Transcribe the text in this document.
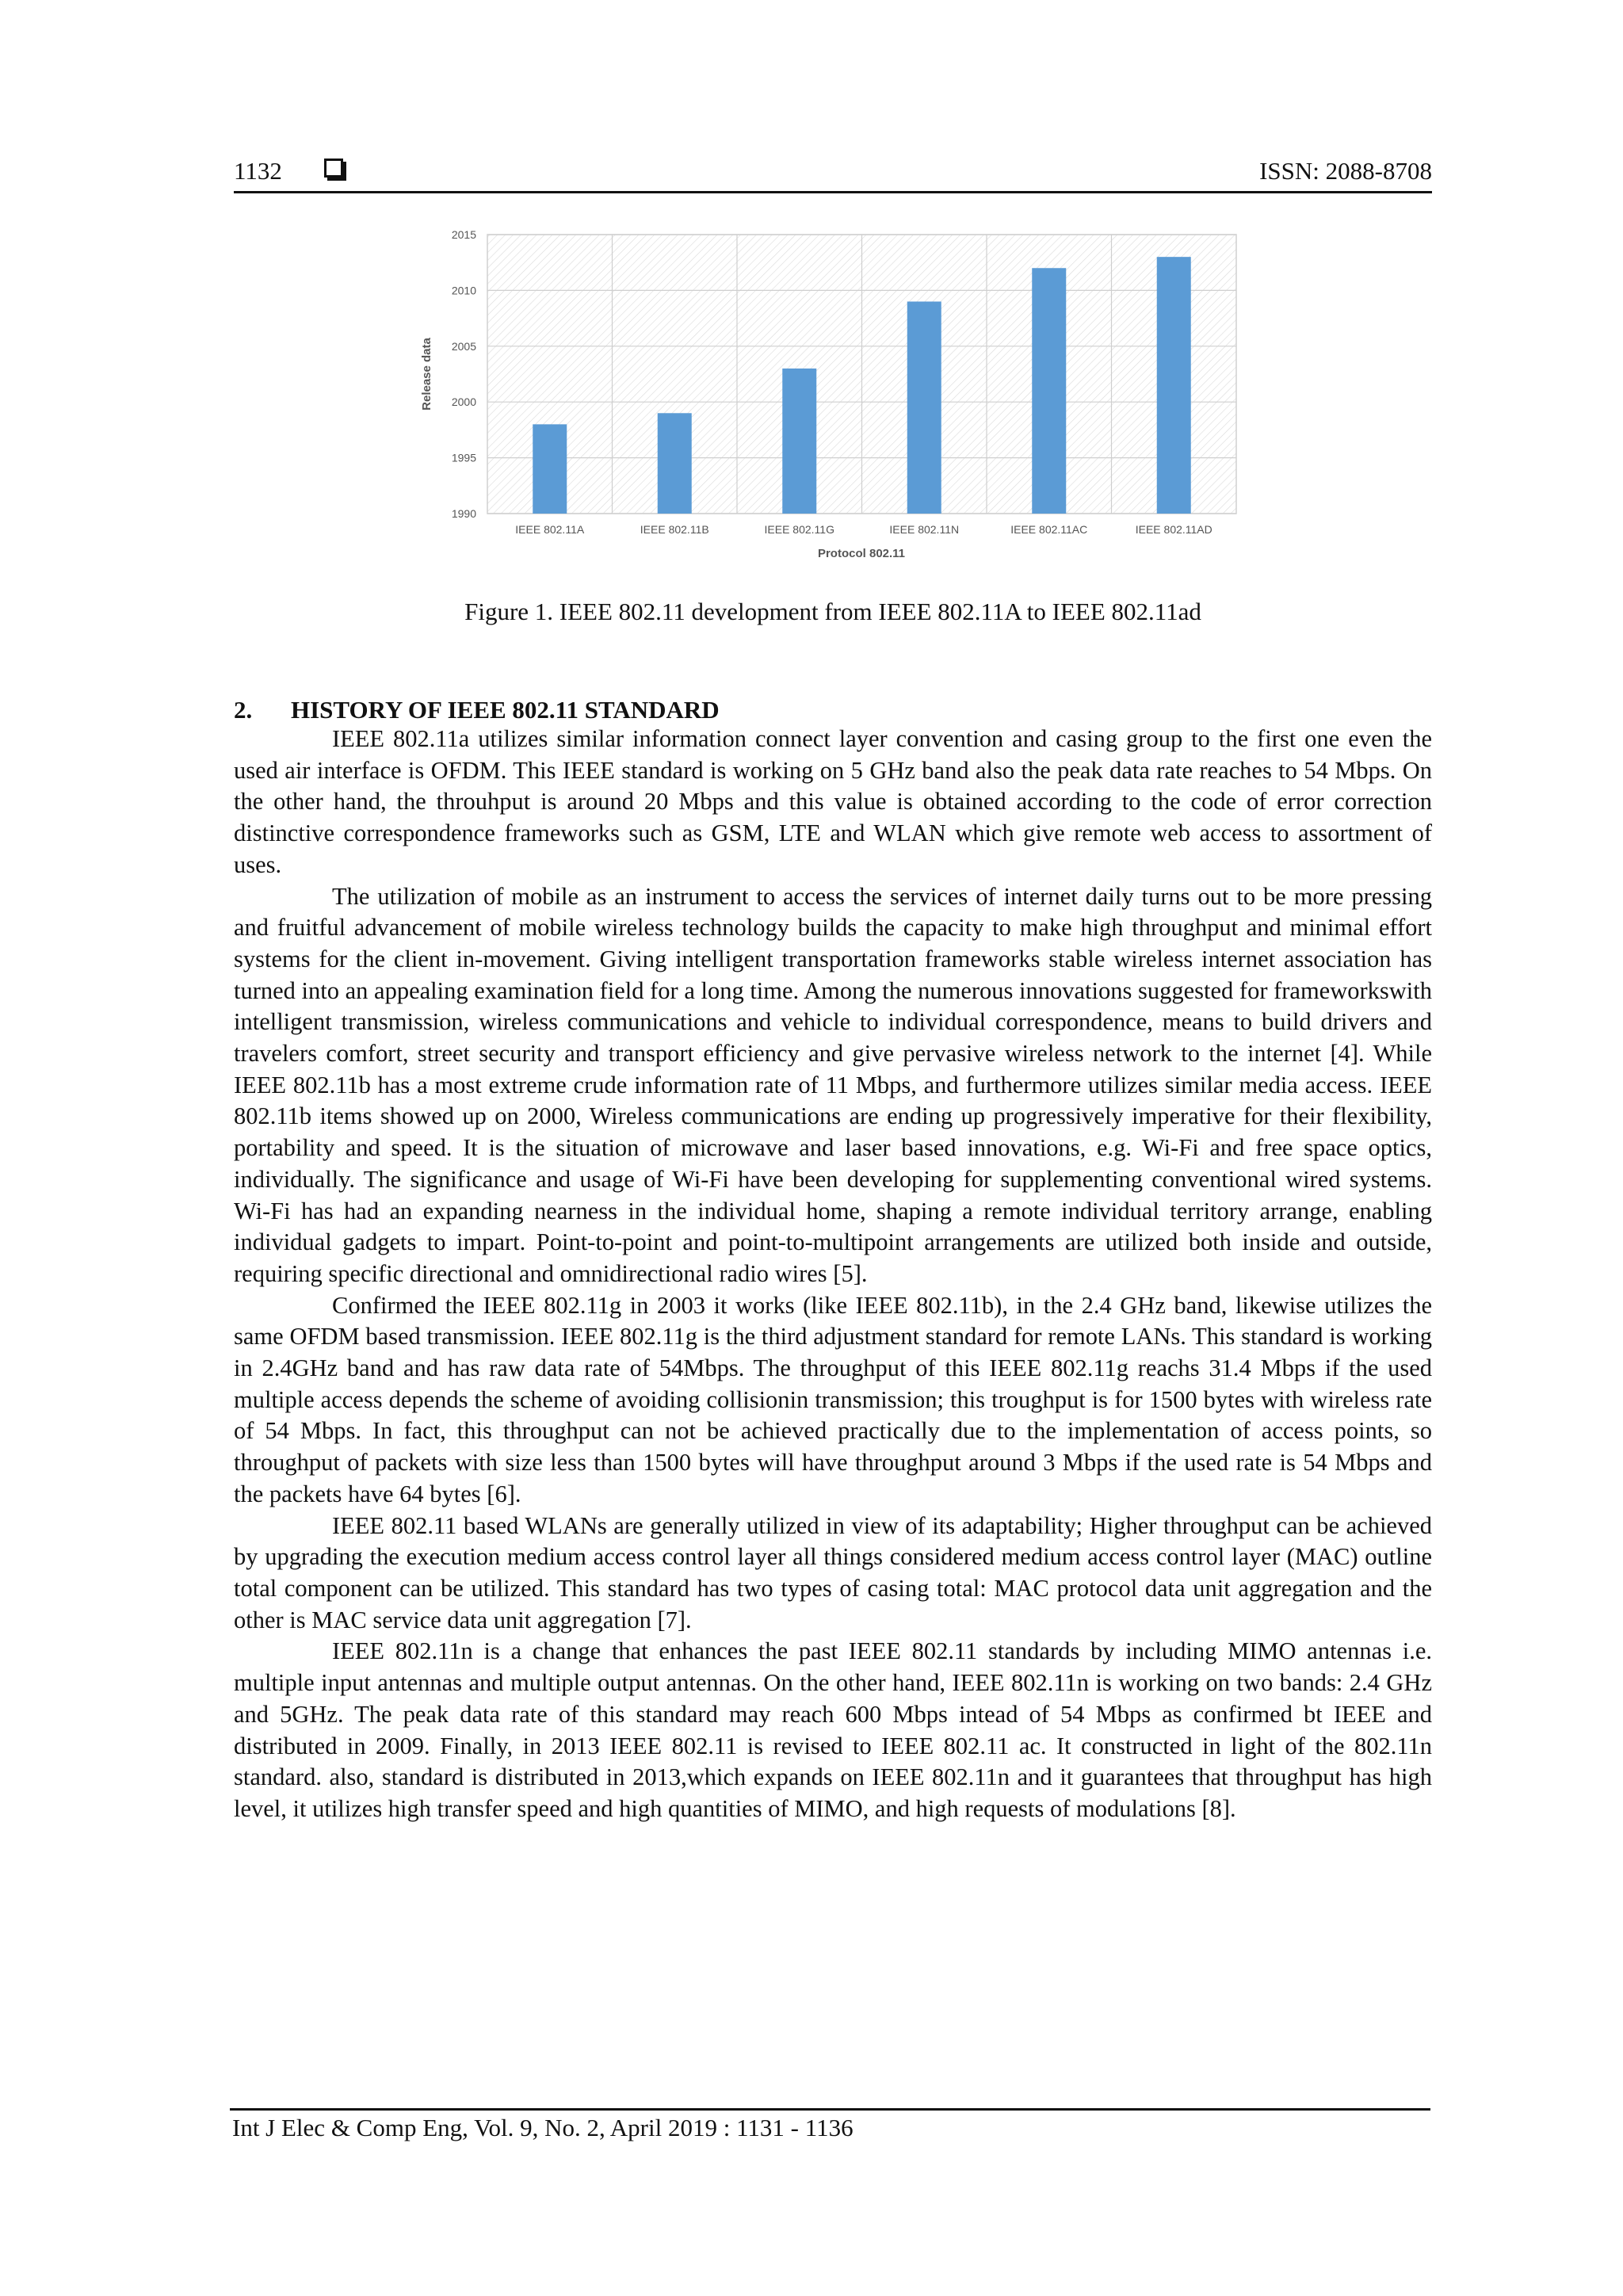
1132	ISSN: 2088-8708
2015
2010
2005
2000
1995
1990
IEEE 802.11A	IEEE 802.11B	IEEE 802.11G	IEEE 802.11N	IEEE 802.11AC	IEEE 802.11AD
Protocol 802.11
Release data
Figure 1. IEEE 802.11 development from IEEE 802.11A to IEEE 802.11ad
2. HISTORY OF IEEE 802.11 STANDARD

IEEE 802.11a utilizes similar information connect layer convention and casing group to the first one even the used air interface is OFDM. This IEEE standard is working on 5 GHz band also the peak data rate reaches to 54 Mbps. On the other hand, the throuhput is around 20 Mbps and this value is obtained according to the code of error correction distinctive correspondence frameworks such as GSM, LTE and WLAN which give remote web access to assortment of uses.

The utilization of mobile as an instrument to access the services of internet daily turns out to be more pressing and fruitful advancement of mobile wireless technology builds the capacity to make high throughput and minimal effort systems for the client in-movement. Giving intelligent transportation frameworks stable wireless internet association has turned into an appealing examination field for a long time. Among the numerous innovations suggested for frameworkswith intelligent transmission, wireless communications and vehicle to individual correspondence, means to build drivers and travelers comfort, street security and transport efficiency and give pervasive wireless network to the internet [4]. While IEEE 802.11b has a most extreme crude information rate of 11 Mbps, and furthermore utilizes similar media access. IEEE 802.11b items showed up on 2000, Wireless communications are ending up progressively imperative for their flexibility, portability and speed. It is the situation of microwave and laser based innovations, e.g. Wi-Fi and free space optics, individually. The significance and usage of Wi-Fi have been developing for supplementing conventional wired systems. Wi-Fi has had an expanding nearness in the individual home, shaping a remote individual territory arrange, enabling individual gadgets to impart. Point-to-point and point-to-multipoint arrangements are utilized both inside and outside, requiring specific directional and omnidirectional radio wires [5].

Confirmed the IEEE 802.11g in 2003 it works (like IEEE 802.11b), in the 2.4 GHz band, likewise utilizes the same OFDM based transmission. IEEE 802.11g is the third adjustment standard for remote LANs. This standard is working in 2.4GHz band and has raw data rate of 54Mbps. The throughput of this IEEE 802.11g reachs 31.4 Mbps if the used multiple access depends the scheme of avoiding collisionin transmission; this troughput is for 1500 bytes with wireless rate of 54 Mbps. In fact, this throughput can not be achieved practically due to the implementation of access points, so throughput of packets with size less than 1500 bytes will have throughput around 3 Mbps if the used rate is 54 Mbps and the packets have 64 bytes [6].

IEEE 802.11 based WLANs are generally utilized in view of its adaptability; Higher throughput can be achieved by upgrading the execution medium access control layer all things considered medium access control layer (MAC) outline total component can be utilized. This standard has two types of casing total: MAC protocol data unit aggregation and the other is MAC service data unit aggregation [7].

IEEE 802.11n is a change that enhances the past IEEE 802.11 standards by including MIMO antennas i.e. multiple input antennas and multiple output antennas. On the other hand, IEEE 802.11n is working on two bands: 2.4 GHz and 5GHz. The peak data rate of this standard may reach 600 Mbps intead of 54 Mbps as confirmed bt IEEE and distributed in 2009. Finally, in 2013 IEEE 802.11 is revised to IEEE 802.11 ac. It constructed in light of the 802.11n standard. also, standard is distributed in 2013,which expands on IEEE 802.11n and it guarantees that throughput has high level, it utilizes high transfer speed and high quantities of MIMO, and high requests of modulations [8].

Int J Elec & Comp Eng, Vol. 9, No. 2, April 2019 : 1131 - 1136
